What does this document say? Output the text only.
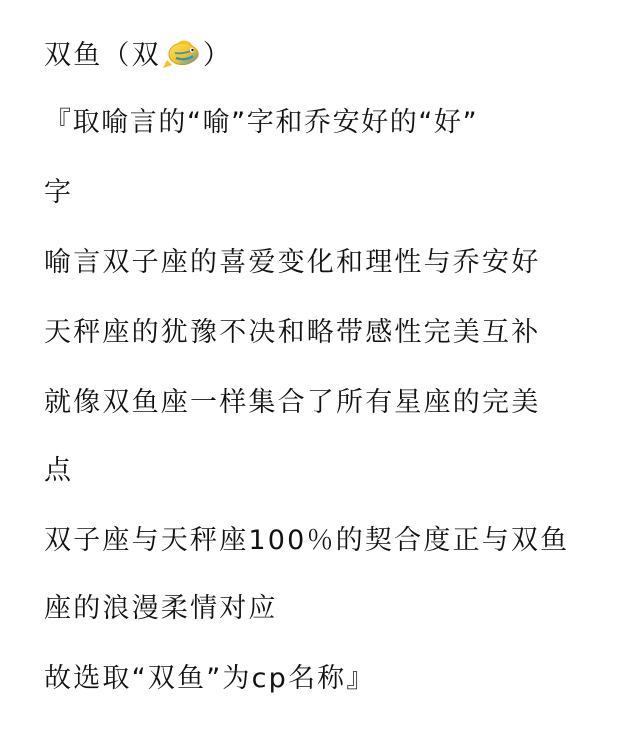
双鱼（双 ）
『取喻言的“喻”字和乔安好的“好”
字
喻言双子座的喜爱变化和理性与乔安好
天秤座的犹豫不决和略带感性完美互补
就像双鱼座一样集合了所有星座的完美
点
双子座与天秤座100％的契合度正与双鱼
座的浪漫柔情对应
故选取“双鱼”为cp名称』
